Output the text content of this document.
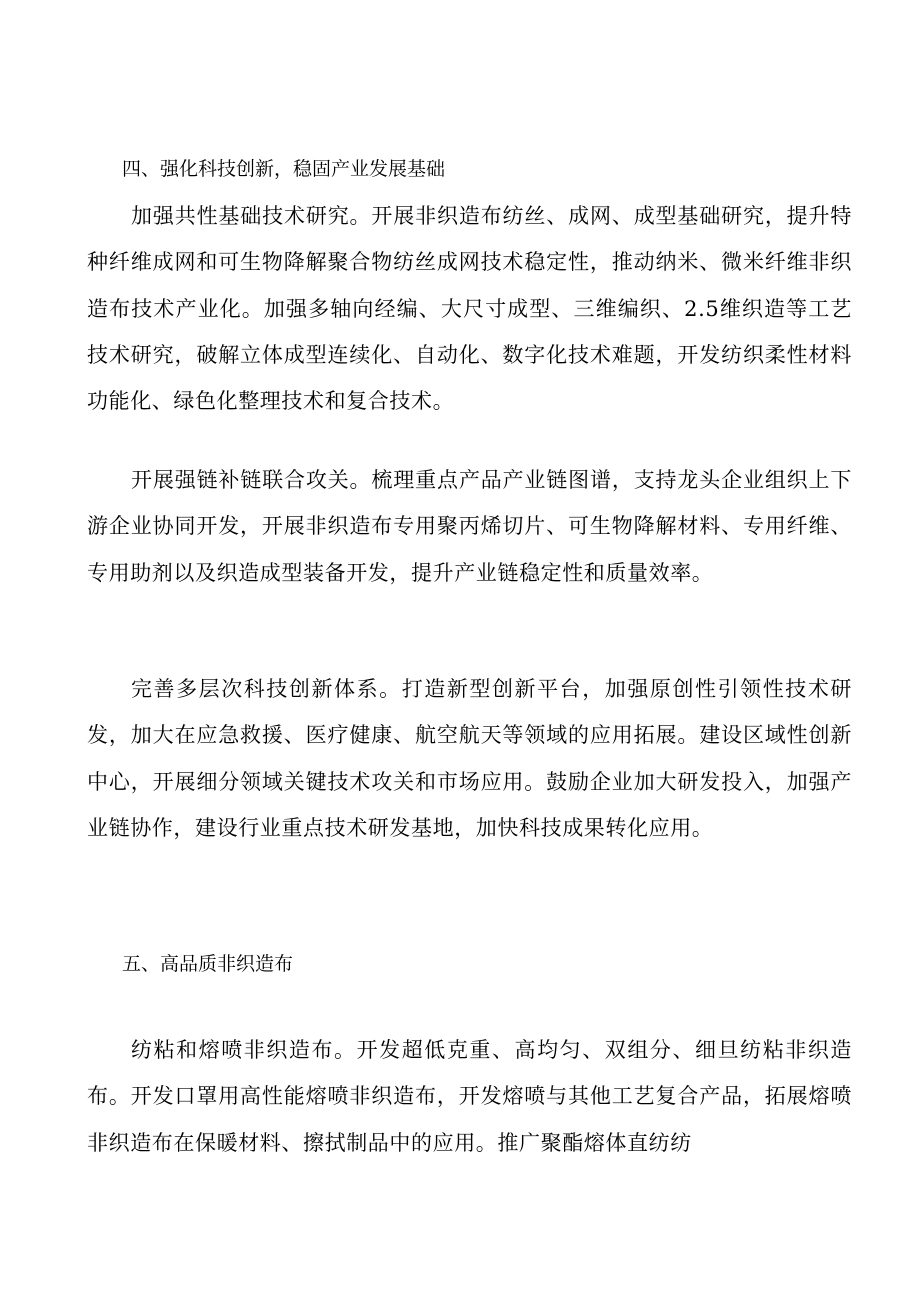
四、强化科技创新，稳固产业发展基础

加强共性基础技术研究。开展非织造布纺丝、成网、成型基础研究，提升特种纤维成网和可生物降解聚合物纺丝成网技术稳定性，推动纳米、微米纤维非织造布技术产业化。加强多轴向经编、大尺寸成型、三维编织、2.5维织造等工艺技术研究，破解立体成型连续化、自动化、数字化技术难题，开发纺织柔性材料功能化、绿色化整理技术和复合技术。

开展强链补链联合攻关。梳理重点产品产业链图谱，支持龙头企业组织上下游企业协同开发，开展非织造布专用聚丙烯切片、可生物降解材料、专用纤维、专用助剂以及织造成型装备开发，提升产业链稳定性和质量效率。

完善多层次科技创新体系。打造新型创新平台，加强原创性引领性技术研发，加大在应急救援、医疗健康、航空航天等领域的应用拓展。建设区域性创新中心，开展细分领域关键技术攻关和市场应用。鼓励企业加大研发投入，加强产业链协作，建设行业重点技术研发基地，加快科技成果转化应用。

五、高品质非织造布

纺粘和熔喷非织造布。开发超低克重、高均匀、双组分、细旦纺粘非织造布。开发口罩用高性能熔喷非织造布，开发熔喷与其他工艺复合产品，拓展熔喷非织造布在保暖材料、擦拭制品中的应用。推广聚酯熔体直纺纺
